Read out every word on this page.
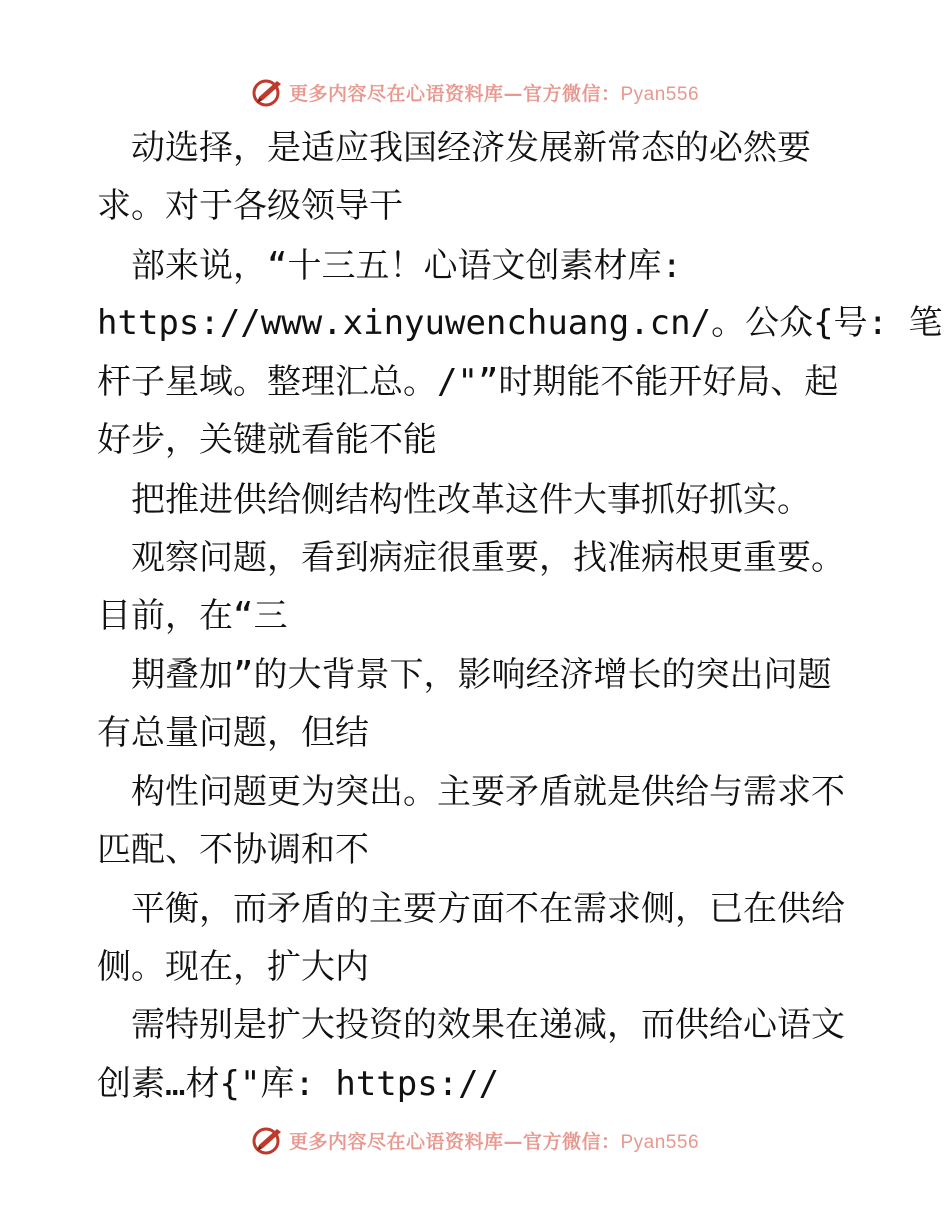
更多内容尽在心语资料库—官方微信：Pyan556
　动选择，是适应我国经济发展新常态的必然要
求。对于各级领导干
　部来说，“十三五！心语文创素材库:
https://www.xinyuwenchuang.cn/。公众{号: 笔
杆子星域。整理汇总。/"”时期能不能开好局、起
好步，关键就看能不能
　把推进供给侧结构性改革这件大事抓好抓实。
　观察问题，看到病症很重要，找准病根更重要。
目前，在“三
　期叠加”的大背景下，影响经济增长的突出问题
有总量问题，但结
　构性问题更为突出。主要矛盾就是供给与需求不
匹配、不协调和不
　平衡，而矛盾的主要方面不在需求侧，已在供给
侧。现在，扩大内
　需特别是扩大投资的效果在递减，而供给心语文
创素…材{"库: https://
更多内容尽在心语资料库—官方微信：Pyan556
